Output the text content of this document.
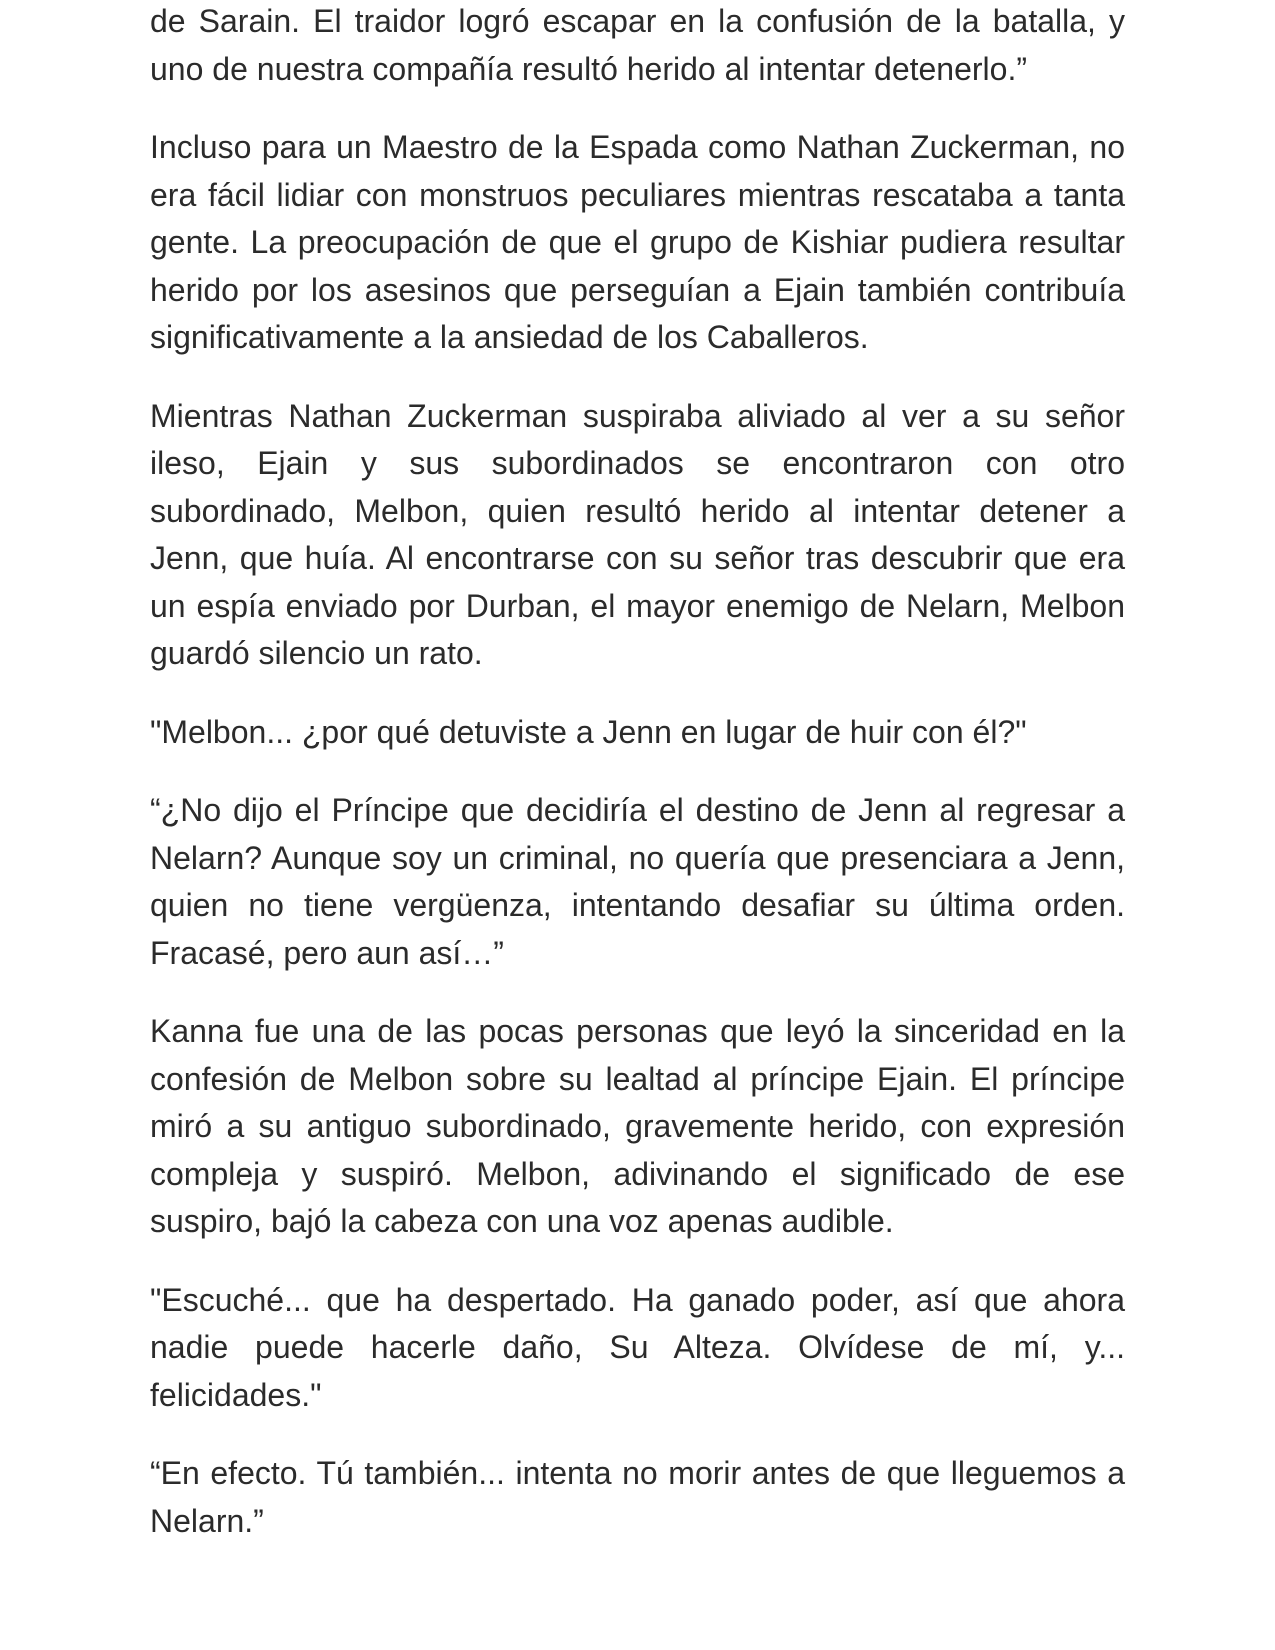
de Sarain. El traidor logró escapar en la confusión de la batalla, y uno de nuestra compañía resultó herido al intentar detenerlo.”

Incluso para un Maestro de la Espada como Nathan Zuckerman, no era fácil lidiar con monstruos peculiares mientras rescataba a tanta gente. La preocupación de que el grupo de Kishiar pudiera resultar herido por los asesinos que perseguían a Ejain también contribuía significativamente a la ansiedad de los Caballeros.

Mientras Nathan Zuckerman suspiraba aliviado al ver a su señor ileso, Ejain y sus subordinados se encontraron con otro subordinado, Melbon, quien resultó herido al intentar detener a Jenn, que huía. Al encontrarse con su señor tras descubrir que era un espía enviado por Durban, el mayor enemigo de Nelarn, Melbon guardó silencio un rato.

"Melbon... ¿por qué detuviste a Jenn en lugar de huir con él?"

“¿No dijo el Príncipe que decidiría el destino de Jenn al regresar a Nelarn? Aunque soy un criminal, no quería que presenciara a Jenn, quien no tiene vergüenza, intentando desafiar su última orden. Fracasé, pero aun así…”

Kanna fue una de las pocas personas que leyó la sinceridad en la confesión de Melbon sobre su lealtad al príncipe Ejain. El príncipe miró a su antiguo subordinado, gravemente herido, con expresión compleja y suspiró. Melbon, adivinando el significado de ese suspiro, bajó la cabeza con una voz apenas audible.

"Escuché... que ha despertado. Ha ganado poder, así que ahora nadie puede hacerle daño, Su Alteza. Olvídese de mí, y... felicidades."

“En efecto. Tú también... intenta no morir antes de que lleguemos a Nelarn.”
